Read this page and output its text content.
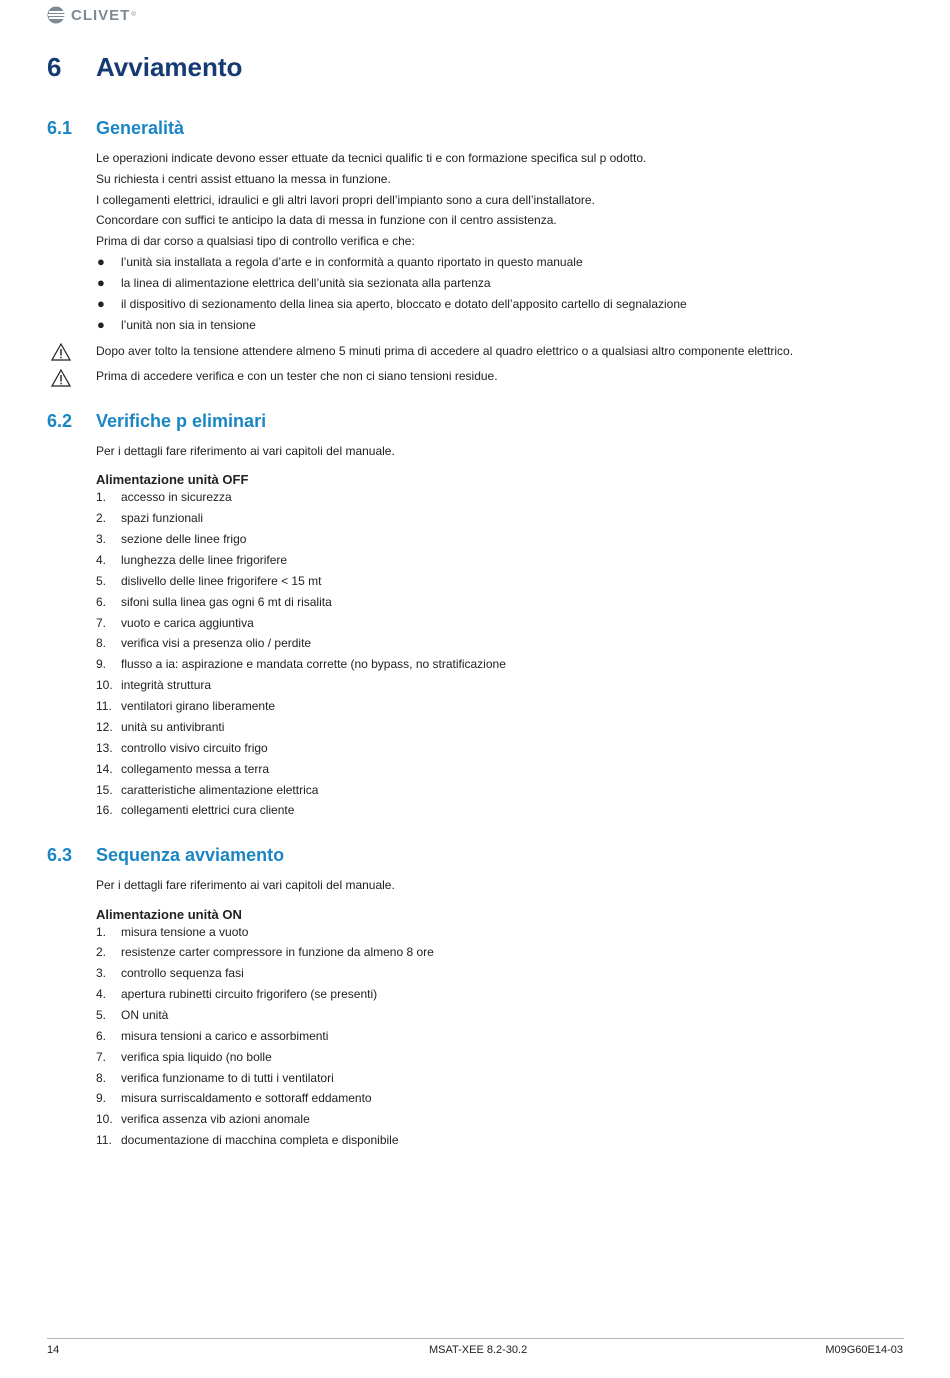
CLIVET ®
6	Avviamento
6.1	Generalità
Le operazioni indicate devono esser ettuate da tecnici qualific ti e con formazione specifica sul p odotto.
Su richiesta i centri assist ettuano la messa in funzione.
I collegamenti elettrici, idraulici e gli altri lavori propri dell’impianto sono a cura dell’installatore.
Concordare con suffici te anticipo la data di messa in funzione con il centro assistenza.
Prima di dar corso a qualsiasi tipo di controllo verifica e che:
●	l’unità sia installata a regola d’arte e in conformità a quanto riportato in questo manuale
●	la linea di alimentazione elettrica dell’unità sia sezionata alla partenza
●	il dispositivo di sezionamento della linea sia aperto, bloccato e dotato dell’apposito cartello di segnalazione
●	l’unità non sia in tensione
Dopo aver tolto la tensione attendere almeno 5 minuti prima di accedere al quadro elettrico o a qualsiasi altro componente elettrico.
Prima di accedere verifica e con un tester che non ci siano tensioni residue.
6.2	Verifiche p eliminari
Per i dettagli fare riferimento ai vari capitoli del manuale.
Alimentazione unità OFF
1.	accesso in sicurezza
2.	spazi funzionali
3.	sezione delle linee frigo
4.	lunghezza delle linee frigorifere
5.	dislivello delle linee frigorifere < 15 mt
6.	sifoni sulla linea gas ogni 6 mt di risalita
7.	vuoto e carica aggiuntiva
8.	verifica visi a presenza olio / perdite
9.	flusso a ia: aspirazione e mandata corrette (no bypass, no stratificazione
10. integrità struttura
11. ventilatori girano liberamente
12. unità su antivibranti
13. controllo visivo circuito frigo
14. collegamento messa a terra
15. caratteristiche alimentazione elettrica
16. collegamenti elettrici cura cliente
6.3	Sequenza avviamento
Per i dettagli fare riferimento ai vari capitoli del manuale.
Alimentazione unità ON
1.	misura tensione a vuoto
2.	resistenze carter compressore in funzione da almeno 8 ore
3.	controllo sequenza fasi
4.	apertura rubinetti circuito frigorifero (se presenti)
5.	ON unità
6.	misura tensioni a carico e assorbimenti
7.	verifica spia liquido (no bolle
8.	verifica funzioname to di tutti i ventilatori
9.	misura surriscaldamento e sottoraff eddamento
10. verifica assenza vib azioni anomale
11. documentazione di macchina completa e disponibile
14	MSAT-XEE 8.2-30.2	M09G60E14-03
